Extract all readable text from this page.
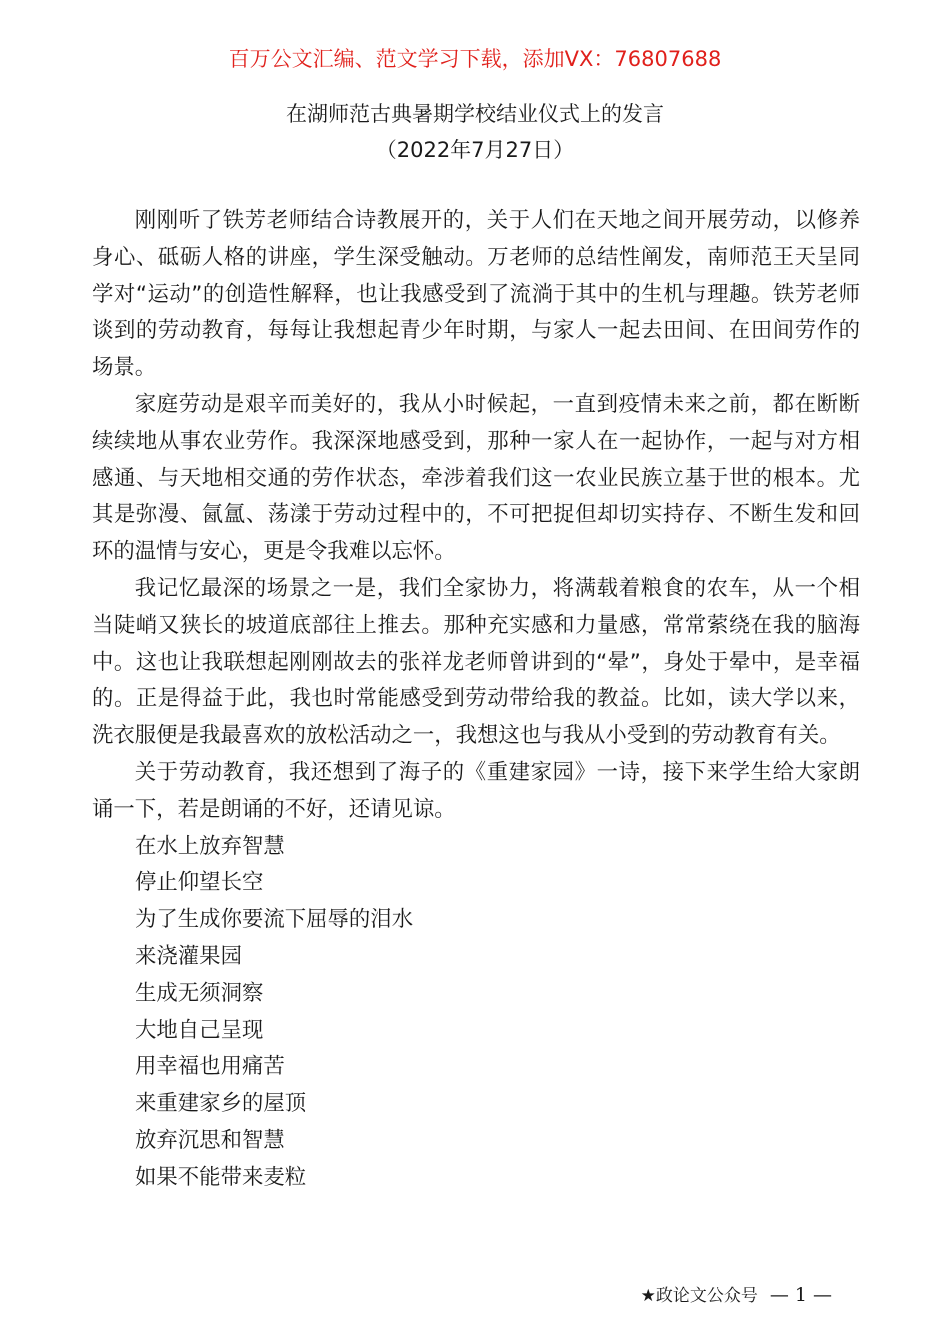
百万公文汇编、范文学习下载，添加VX：76807688
在湖师范古典暑期学校结业仪式上的发言
（2022年7月27日）

刚刚听了铁芳老师结合诗教展开的，关于人们在天地之间开展劳动，以修养身心、砥砺人格的讲座，学生深受触动。万老师的总结性阐发，南师范王天呈同学对“运动”的创造性解释，也让我感受到了流淌于其中的生机与理趣。铁芳老师谈到的劳动教育，每每让我想起青少年时期，与家人一起去田间、在田间劳作的场景。

家庭劳动是艰辛而美好的，我从小时候起，一直到疫情未来之前，都在断断续续地从事农业劳作。我深深地感受到，那种一家人在一起协作，一起与对方相感通、与天地相交通的劳作状态，牵涉着我们这一农业民族立基于世的根本。尤其是弥漫、氤氲、荡漾于劳动过程中的，不可把捉但却切实持存、不断生发和回环的温情与安心，更是令我难以忘怀。

我记忆最深的场景之一是，我们全家协力，将满载着粮食的农车，从一个相当陡峭又狭长的坡道底部往上推去。那种充实感和力量感，常常萦绕在我的脑海中。这也让我联想起刚刚故去的张祥龙老师曾讲到的“晕”，身处于晕中，是幸福的。正是得益于此，我也时常能感受到劳动带给我的教益。比如，读大学以来，洗衣服便是我最喜欢的放松活动之一，我想这也与我从小受到的劳动教育有关。

关于劳动教育，我还想到了海子的《重建家园》一诗，接下来学生给大家朗诵一下，若是朗诵的不好，还请见谅。

在水上放弃智慧

停止仰望长空

为了生成你要流下屈辱的泪水

来浇灌果园

生成无须洞察

大地自己呈现

用幸福也用痛苦

来重建家乡的屋顶

放弃沉思和智慧

如果不能带来麦粒

★政论文公众号 — 1 —
